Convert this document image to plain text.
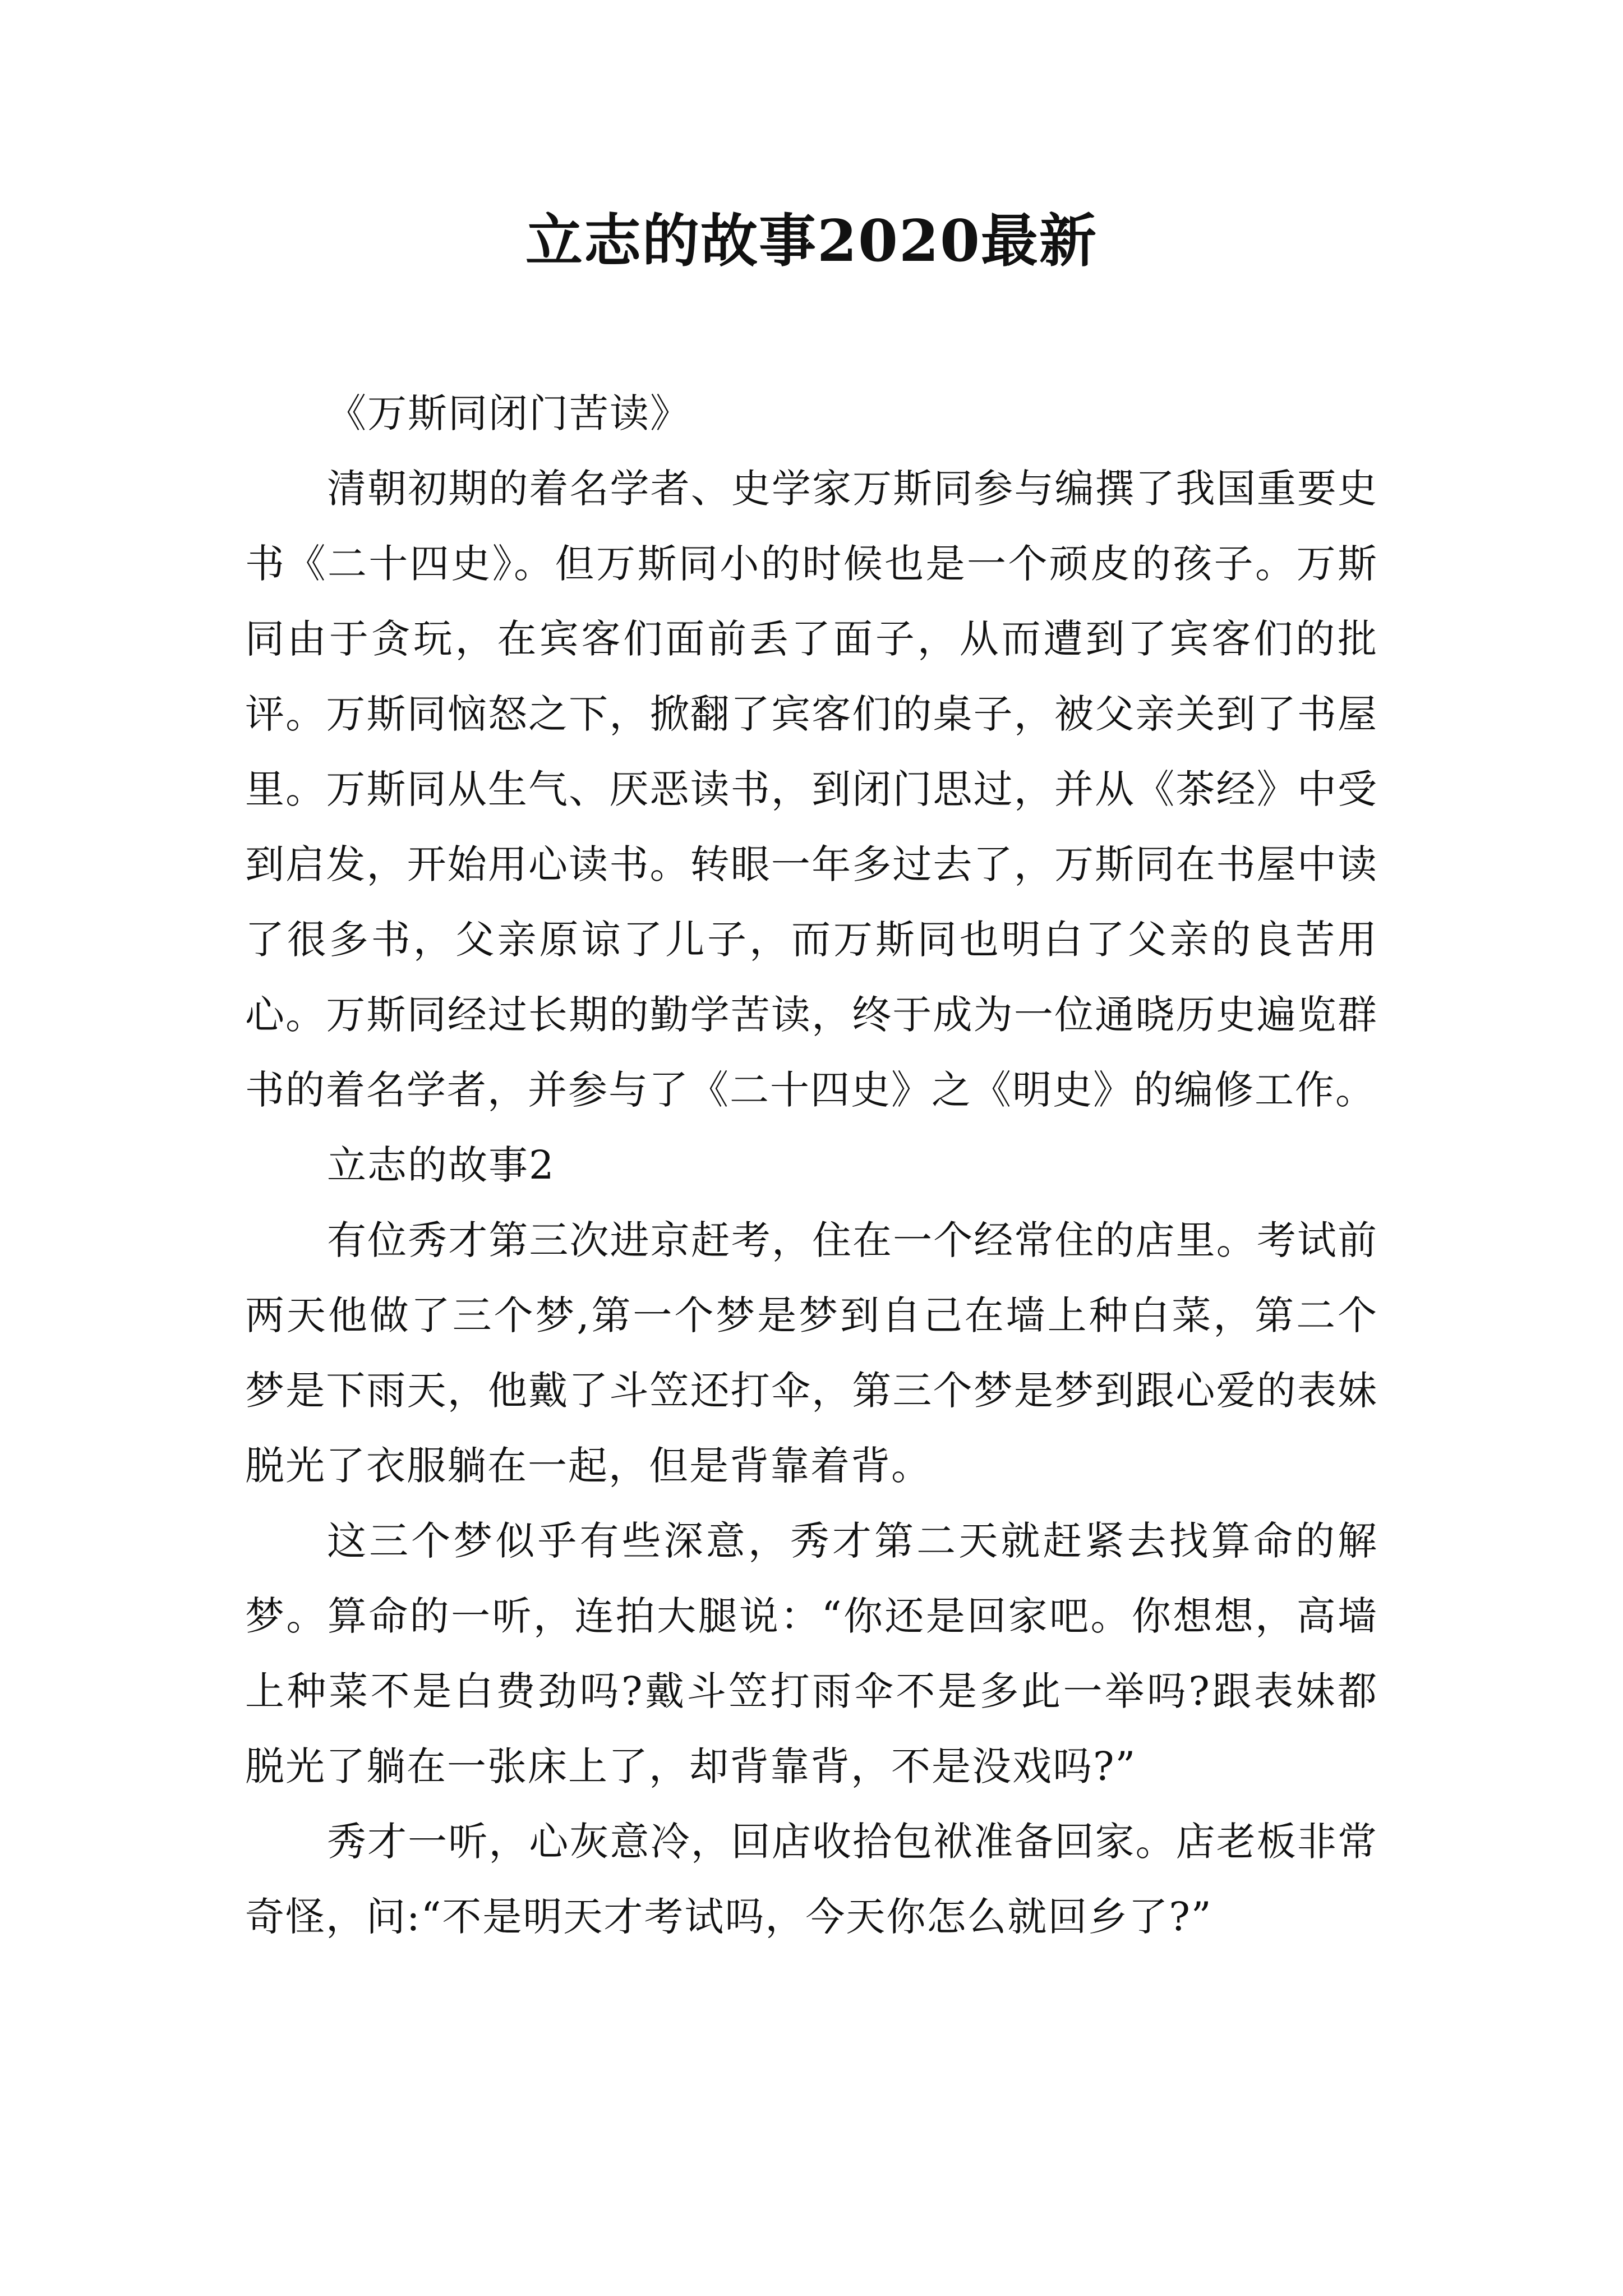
立志的故事2020最新

《万斯同闭门苦读》

清朝初期的着名学者、史学家万斯同参与编撰了我国重要史书《二十四史》。但万斯同小的时候也是一个顽皮的孩子。万斯同由于贪玩，在宾客们面前丢了面子，从而遭到了宾客们的批评。万斯同恼怒之下，掀翻了宾客们的桌子，被父亲关到了书屋里。万斯同从生气、厌恶读书，到闭门思过，并从《茶经》中受到启发，开始用心读书。转眼一年多过去了，万斯同在书屋中读了很多书，父亲原谅了儿子，而万斯同也明白了父亲的良苦用心。万斯同经过长期的勤学苦读，终于成为一位通晓历史遍览群书的着名学者，并参与了《二十四史》之《明史》的编修工作。

立志的故事2

有位秀才第三次进京赶考，住在一个经常住的店里。考试前两天他做了三个梦,第一个梦是梦到自己在墙上种白菜，第二个梦是下雨天，他戴了斗笠还打伞，第三个梦是梦到跟心爱的表妹脱光了衣服躺在一起，但是背靠着背。

这三个梦似乎有些深意，秀才第二天就赶紧去找算命的解梦。算命的一听，连拍大腿说：“你还是回家吧。你想想，高墙上种菜不是白费劲吗?戴斗笠打雨伞不是多此一举吗?跟表妹都脱光了躺在一张床上了，却背靠背，不是没戏吗?”

秀才一听，心灰意冷，回店收拾包袱准备回家。店老板非常奇怪，问:“不是明天才考试吗，今天你怎么就回乡了?”
